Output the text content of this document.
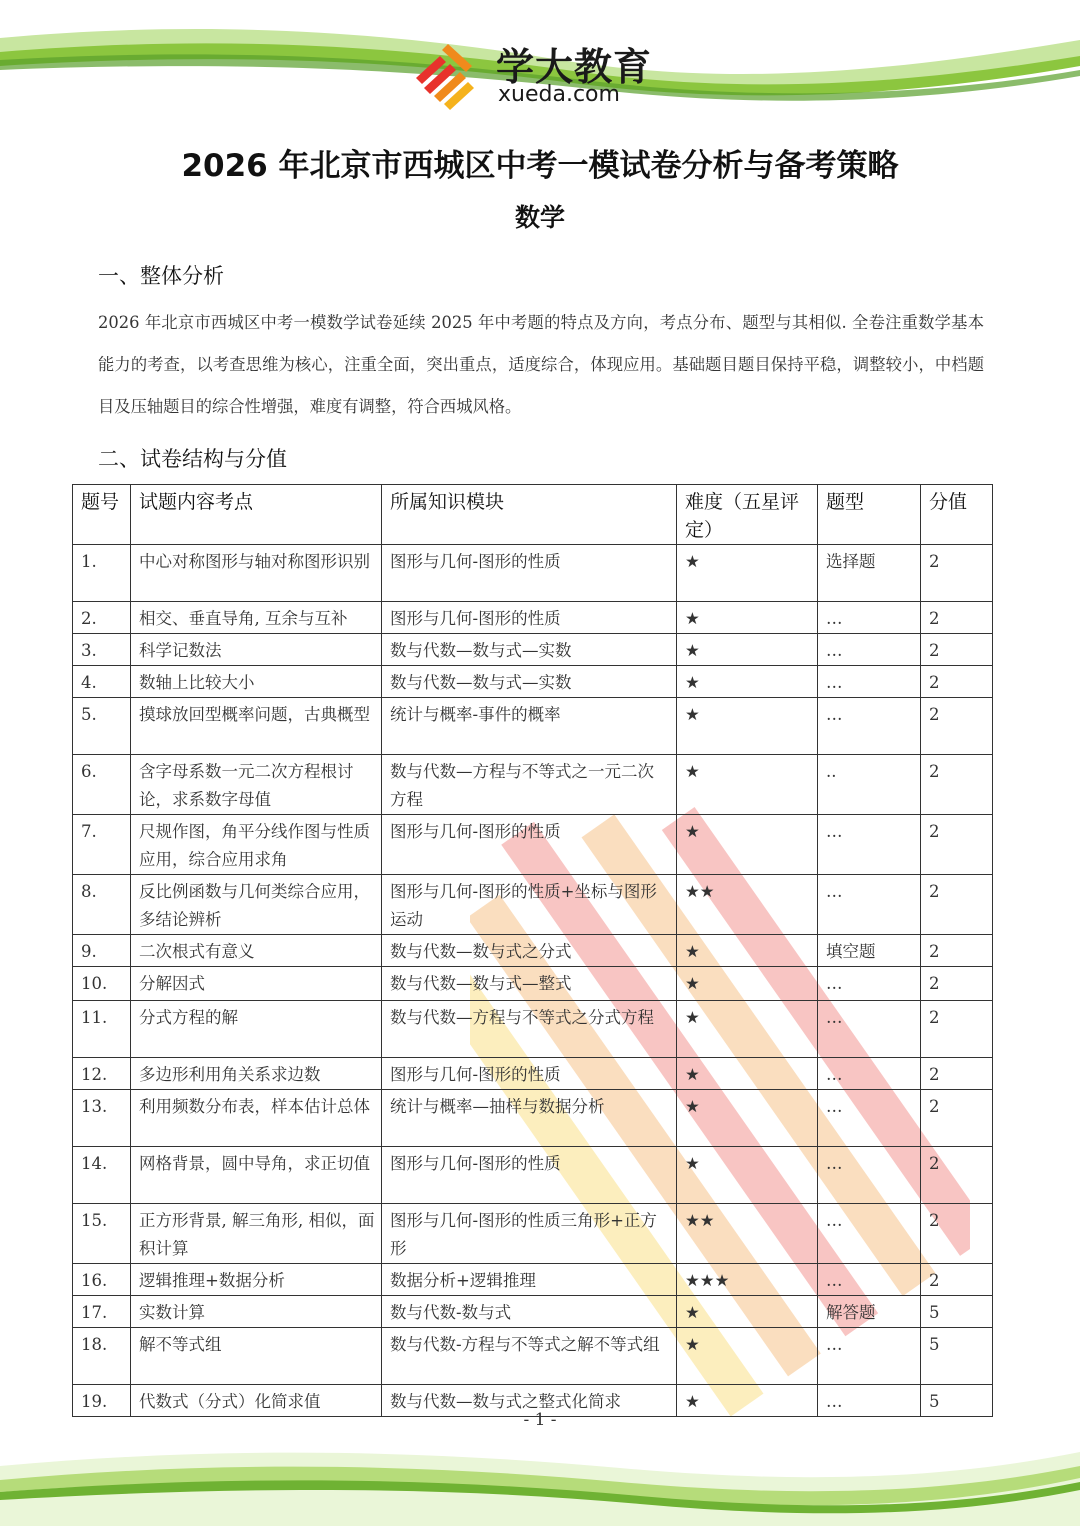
学大教育
xueda.com
2026 年北京市西城区中考一模试卷分析与备考策略
数学
一、整体分析
2026 年北京市西城区中考一模数学试卷延续 2025 年中考题的特点及方向，考点分布、题型与其相似. 全卷注重数学基本能力的考查，以考查思维为核心，注重全面，突出重点，适度综合，体现应用。基础题目题目保持平稳，调整较小，中档题目及压轴题目的综合性增强，难度有调整，符合西城风格。
二、试卷结构与分值
题号	试题内容考点	所属知识模块	难度（五星评定）	题型	分值
1.	中心对称图形与轴对称图形识别	图形与几何-图形的性质	★	选择题	2
2.	相交、垂直导角, 互余与互补	图形与几何-图形的性质	★	…	2
3.	科学记数法	数与代数—数与式—实数	★	…	2
4.	数轴上比较大小	数与代数—数与式—实数	★	…	2
5.	摸球放回型概率问题，古典概型	统计与概率-事件的概率	★	…	2
6.	含字母系数一元二次方程根讨论，求系数字母值	数与代数—方程与不等式之一元二次方程	★	..	2
7.	尺规作图，角平分线作图与性质应用，综合应用求角	图形与几何-图形的性质	★	…	2
8.	反比例函数与几何类综合应用，多结论辨析	图形与几何-图形的性质+坐标与图形运动	★★	…	2
9.	二次根式有意义	数与代数—数与式之分式	★	填空题	2
10.	分解因式	数与代数—数与式—整式	★	…	2
11.	分式方程的解	数与代数—方程与不等式之分式方程	★	…	2
12.	多边形利用角关系求边数	图形与几何-图形的性质	★	…	2
13.	利用频数分布表，样本估计总体	统计与概率—抽样与数据分析	★	…	2
14.	网格背景，圆中导角，求正切值	图形与几何-图形的性质	★	…	2
15.	正方形背景, 解三角形, 相似，面积计算	图形与几何-图形的性质三角形+正方形	★★	…	2
16.	逻辑推理+数据分析	数据分析+逻辑推理	★★★	…	2
17.	实数计算	数与代数-数与式	★	解答题	5
18.	解不等式组	数与代数-方程与不等式之解不等式组	★	…	5
19.	代数式（分式）化简求值	数与代数—数与式之整式化简求	★	…	5
- 1 -
